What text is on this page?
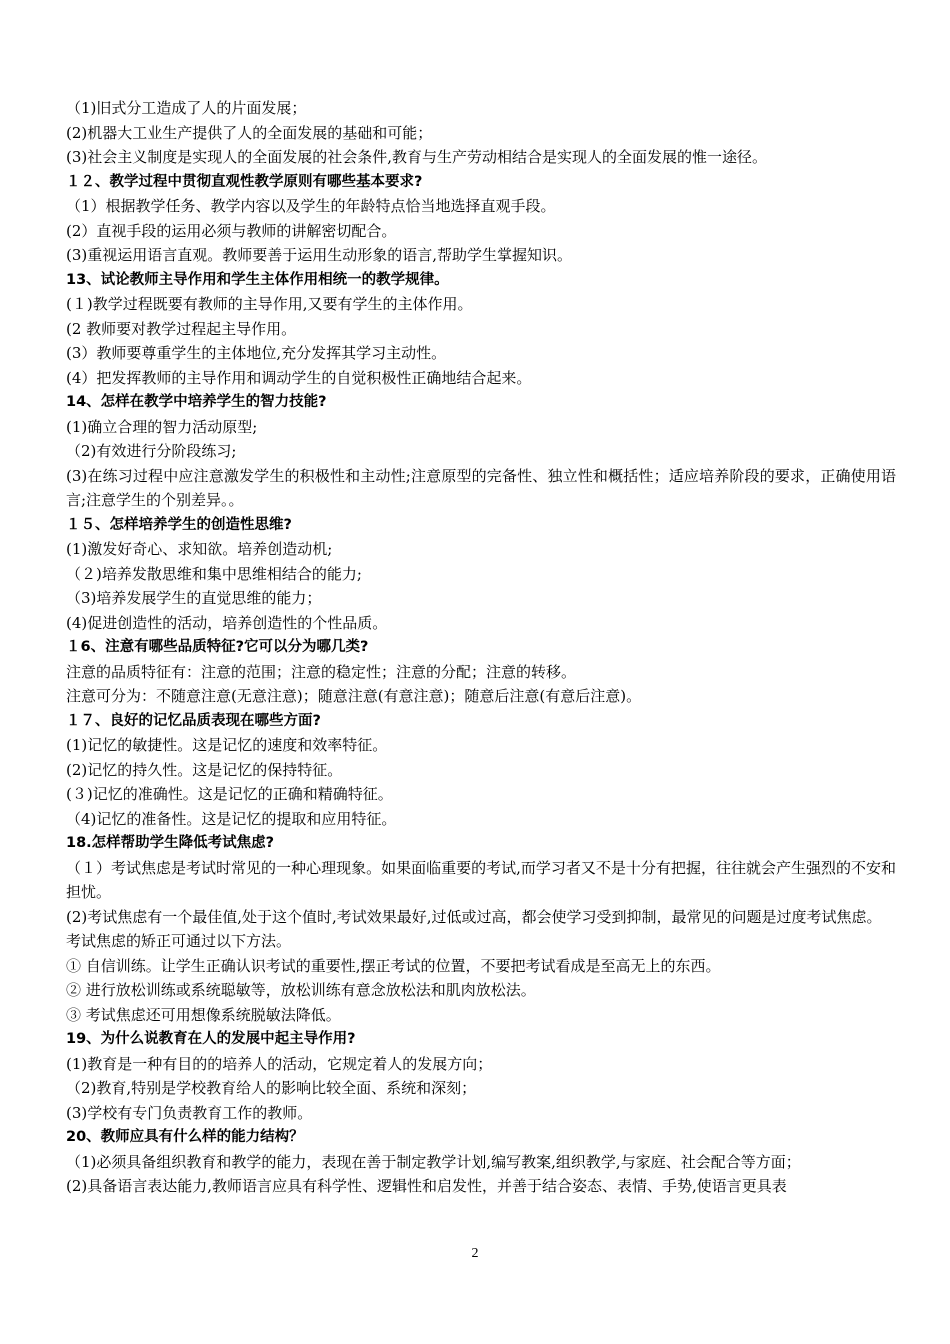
（1)旧式分工造成了人的片面发展；
(2)机器大工业生产提供了人的全面发展的基础和可能；
(3)社会主义制度是实现人的全面发展的社会条件,教育与生产劳动相结合是实现人的全面发展的惟一途径。
１２、教学过程中贯彻直观性教学原则有哪些基本要求?
（1）根据教学任务、教学内容以及学生的年龄特点恰当地选择直观手段。
(2）直视手段的运用必须与教师的讲解密切配合。
(3)重视运用语言直观。教师要善于运用生动形象的语言,帮助学生掌握知识。
13、试论教师主导作用和学生主体作用相统一的教学规律。
(１)教学过程既要有教师的主导作用,又要有学生的主体作用。
(2 教师要对教学过程起主导作用。
(3）教师要尊重学生的主体地位,充分发挥其学习主动性。
(4）把发挥教师的主导作用和调动学生的自觉积极性正确地结合起来。
14、怎样在教学中培养学生的智力技能?
(1)确立合理的智力活动原型;
（2)有效进行分阶段练习;
(3)在练习过程中应注意激发学生的积极性和主动性;注意原型的完备性、独立性和概括性；适应培养阶段的要求，正确使用语言;注意学生的个别差异。。
１５、怎样培养学生的创造性思维?
(1)激发好奇心、求知欲。培养创造动机;
（２)培养发散思维和集中思维相结合的能力;
（3)培养发展学生的直觉思维的能力；
(4)促进创造性的活动，培养创造性的个性品质。
１6、注意有哪些品质特征?它可以分为哪几类?
注意的品质特征有：注意的范围；注意的稳定性；注意的分配；注意的转移。
注意可分为：不随意注意(无意注意)；随意注意(有意注意)；随意后注意(有意后注意)。
１７、良好的记忆品质表现在哪些方面?
(1)记忆的敏捷性。这是记忆的速度和效率特征。
(2)记忆的持久性。这是记忆的保持特征。
(３)记忆的准确性。这是记忆的正确和精确特征。
（4)记忆的准备性。这是记忆的提取和应用特征。
18.怎样帮助学生降低考试焦虑?
（１）考试焦虑是考试时常见的一种心理现象。如果面临重要的考试,而学习者又不是十分有把握，往往就会产生强烈的不安和担忧。
(2)考试焦虑有一个最佳值,处于这个值时,考试效果最好,过低或过高，都会使学习受到抑制，最常见的问题是过度考试焦虑。
考试焦虑的矫正可通过以下方法。
① 自信训练。让学生正确认识考试的重要性,摆正考试的位置，不要把考试看成是至高无上的东西。
② 进行放松训练或系统聪敏等，放松训练有意念放松法和肌肉放松法。
③ 考试焦虑还可用想像系统脱敏法降低。
19、为什么说教育在人的发展中起主导作用?
(1)教育是一种有目的的培养人的活动，它规定着人的发展方向；
（2)教育,特别是学校教育给人的影响比较全面、系统和深刻；
(3)学校有专门负责教育工作的教师。
20、教师应具有什么样的能力结构？
（1)必须具备组织教育和教学的能力，表现在善于制定教学计划,编写教案,组织教学,与家庭、社会配合等方面；
(2)具备语言表达能力,教师语言应具有科学性、逻辑性和启发性，并善于结合姿态、表情、手势,使语言更具表
2
